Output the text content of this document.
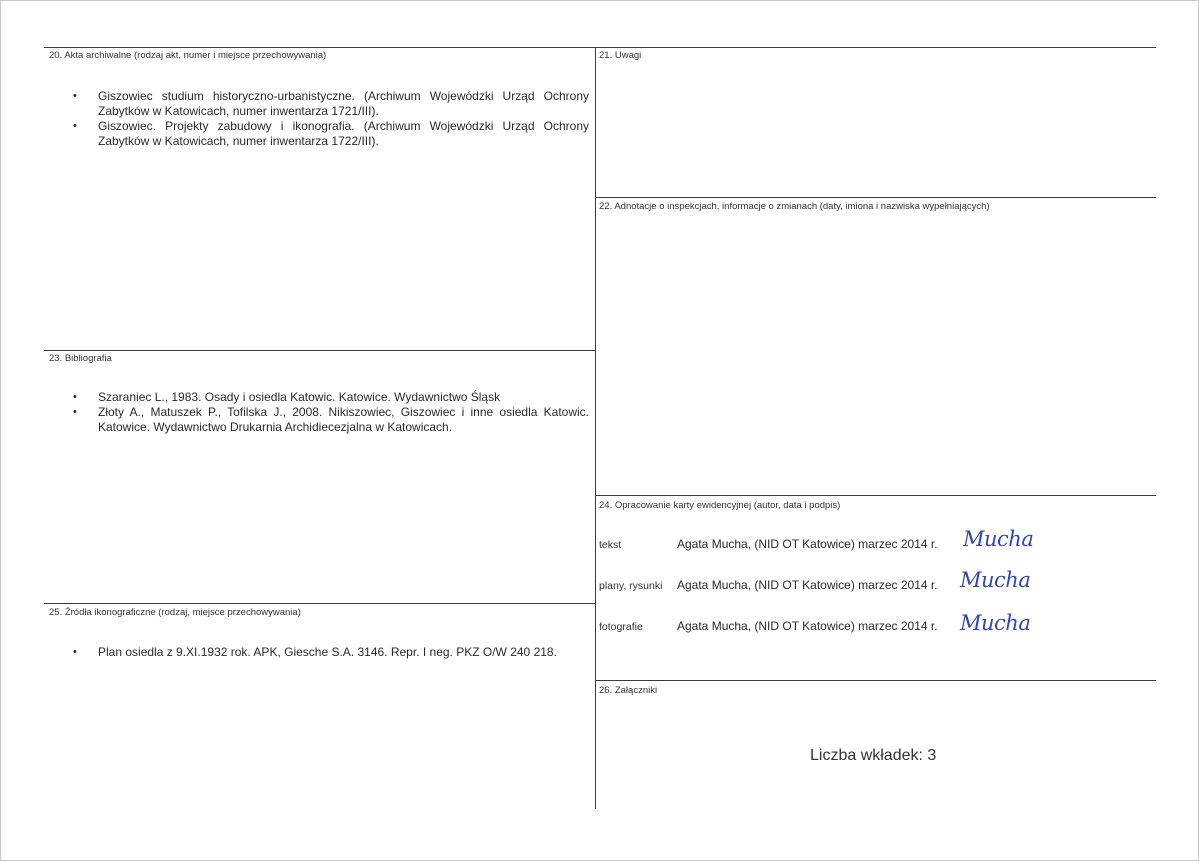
20. Akta archiwalne (rodzaj akt, numer i miejsce przechowywania)
• Giszowiec studium historyczno-urbanistyczne. (Archiwum Wojewódzki Urząd Ochrony Zabytków w Katowicach, numer inwentarza 1721/III).
• Giszowiec. Projekty zabudowy i ikonografia. (Archiwum Wojewódzki Urząd Ochrony Zabytków w Katowicach, numer inwentarza 1722/III).
21. Uwagi
22. Adnotacje o inspekcjach, informacje o zmianach (daty, imiona i nazwiska wypełniających)
23. Bibliografia
• Szaraniec L., 1983. Osady i osiedla Katowic. Katowice. Wydawnictwo Śląsk
• Złoty A., Matuszek P., Tofilska J., 2008. Nikiszowiec, Giszowiec i inne osiedla Katowic. Katowice. Wydawnictwo Drukarnia Archidiecezjalna w Katowicach.
24. Opracowanie karty ewidencyjnej (autor, data i podpis)
tekst	Agata Mucha, (NID OT Katowice) marzec 2014 r. Mucha
plany, rysunki Agata Mucha, (NID OT Katowice) marzec 2014 r. Mucha
fotografie	Agata Mucha, (NID OT Katowice) marzec 2014 r. Mucha
25. Źródła ikonograficzne (rodzaj, miejsce przechowywania)
• Plan osiedla z 9.XI.1932 rok. APK, Giesche S.A. 3146. Repr. I neg. PKZ O/W 240 218.
26. Załączniki
Liczba wkładek: 3
